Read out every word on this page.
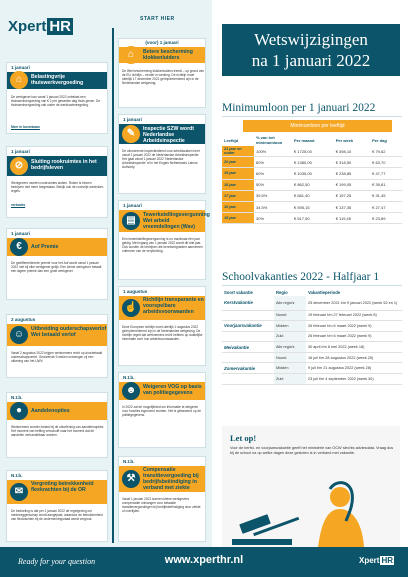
Xpert HR	START HIER
(voor) 1 januari
⌂	Betere bescherming klokkenluiders
De Wet bescherming klokkenluiders treedt – op grond van de EU richtlijn – eerder in werking. De richtlijn moet uiterlijk 17 december 2021 geïmplementeerd zijn in de Nederlandse wetgeving.
1 januari
⌂	Belastingvrije thuiswerkvergoeding
De werkgever kan vanaf 1 januari 2022 onbelast een thuiswerkvergoeding van € 2 per gewerkte dag thuis geven. De thuiswerkvergoeding valt onder de werkkostenregeling.
Meer in bovenbaan
1 januari
✎	Inspectie SZW wordt Nederlandse Arbeidsinspectie
De uitvoerende inspectiedienst voor arbeidszaken heet vanaf 1 januari 2022 de Nederlandse Arbeidsinspectie. Het gaat vanaf 1 januari 2022 'Nederlandse Arbeidsinspectie' of in het Engels Netherlands Labour Authority.
1 januari
⊘	Sluiting rookruimtes in het bedrijfsleven
Werkgevers moeten rookruimtes sluiten. Roken is binnen bedrijven niet meer toegestaan. Bekijk ook de rookvrije-werkvloer-regels.
verbodes	1 januari
▤	Tewerkstellingsvergunning Wet arbeid vreemdelingen (Wav)
Een tewerkstellingsvergunning is nu maximaal één jaar geldig. Met ingang van 1 januari 2022 wordt dit drie jaar. Ook worden de bedrijven die kennismigranten aannemen ontheven van de verplichting.
1 januari
€	Aof Premie
De gedifferentieerde premie voor het Aof wordt vanaf 1 januari 2022 niet bij elke werkgever gelijk. Een kleine werkgever betaalt een lagere premie dan een grote werkgever.
1 augustus
☝
Richtlijn transparante en voorspelbare arbeidsvoorwaarden
Deze Europese richtlijn moet uiterlijk 1 augustus 2022 geïmplementeerd zijn in de Nederlandse wetgeving. De richtlijn regelt dat werknemers recht hebben op duidelijke informatie over hun arbeidsvoorwaarden.
2 augustus
☺	Uitbreiding ouderschapsverlof Wet betaald verlof
Vanaf 2 augustus 2022 krijgen werknemers recht op doorbetaald ouderschapsverlof. Gedurende 9 weken ontvangen zij een uitkering van het UWV.
N.t.b.
☻	Weigeren VOG op basis van politiegegevens
In 2022 zal de mogelijkheid om informatie te weigeren voor functies ingevoerd worden. Het is gebaseerd op de politiegegevens.
N.t.b.
●	Aandelenopties
Werknemers worden belast bij de uitoefening van aandelenopties. Het moment van heffing verschuift naar het moment dat de aandelen verhandelbaar worden.
N.t.b.
⚒
Compensatie transitievergoeding bij bedrijfsbeëindiging in verband met ziekte
Vanaf 1 januari 2021 kunnen kleine werkgevers compensatie ontvangen voor betaalde transitievergoedingen bij bedrijfsbeëindiging door ziekte of overlijden.
N.t.b.
✉
Vergroting betrekkenheid flexkrachten bij de OR
De bedoeling is dat per 1 januari 2022 de regelgeving om medezeggenschap wordt aangepast, waardoor de betrokkenheid van flexkrachten bij de ondernemingsraad wordt vergroot.
Wetswijzigingen
na 1 januari 2022
Minimumloon per 1 januari 2022
Minimumloon per leeftijd
Leeftijd	% van het minimumloon	Per maand	Per week	Per dag
21 jaar en ouder	100%	€ 1725,00	€ 398,10	€ 79,62
20 jaar	80%	€ 1380,00	€ 318,50	€ 63,70
19 jaar	60%	€ 1035,00	€ 238,85	€ 47,77
18 jaar	50%	€ 862,50	€ 199,05	€ 39,81
17 jaar	39,5%	€ 681,40	€ 157,25	€ 31,45
16 jaar	34,5%	€ 595,15	€ 137,35	€ 27,47
15 jaar	30%	€ 517,50	€ 119,45	€ 23,89
Schoolvakanties 2022 - Halfjaar 1
Soort vakantie	Regio	Vakantieperiode
Kerstvakantie	Alle regio's	25 december 2021 t/m 9 januari 2022 (week 52 en 1)
	Noord	19 februari t/m 27 februari 2022 (week 8)
Voorjaarsvakantie	Midden	26 februari t/m 6 maart 2022 (week 9)
	Zuid	26 februari t/m 6 maart 2022 (week 9)
Meivakantie	Alle regio's	30 april t/m 8 mei 2022 (week 18)
	Noord	16 juli t/m 28 augustus 2022 (week 29)
Zomervakantie	Midden	9 juli t/m 21 augustus 2022 (week 28)
	Zuid	23 juli t/m 4 september 2022 (week 30)
Let op!
Voor de herfst- en voorjaarsvakantie geeft het ministerie van OCW slechts adviesdata. Vraag dus bij de school na op welke dagen deze gesloten is in verband met vakantie.
Ready for your question	www.xperthr.nl	Xpert HR
